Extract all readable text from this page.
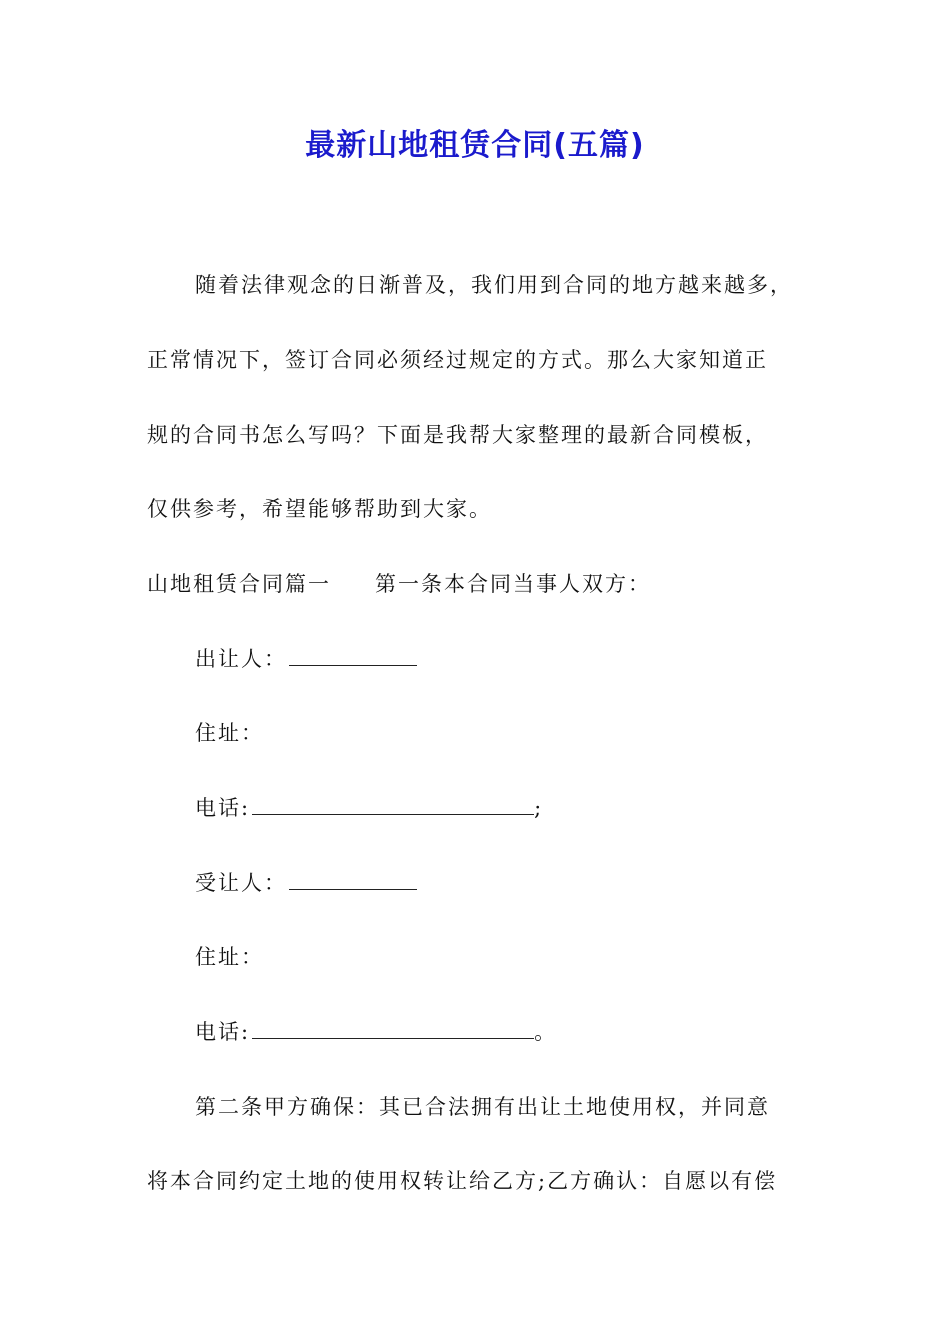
最新山地租赁合同(五篇)
随着法律观念的日渐普及，我们用到合同的地方越来越多，
正常情况下，签订合同必须经过规定的方式。那么大家知道正
规的合同书怎么写吗？下面是我帮大家整理的最新合同模板，
仅供参考，希望能够帮助到大家。
山地租赁合同篇一 第一条本合同当事人双方：
出让人：
住址：
电话:	;
受让人：
住址：
电话:	。
第二条甲方确保：其已合法拥有出让土地使用权，并同意
将本合同约定土地的使用权转让给乙方;乙方确认：自愿以有偿
